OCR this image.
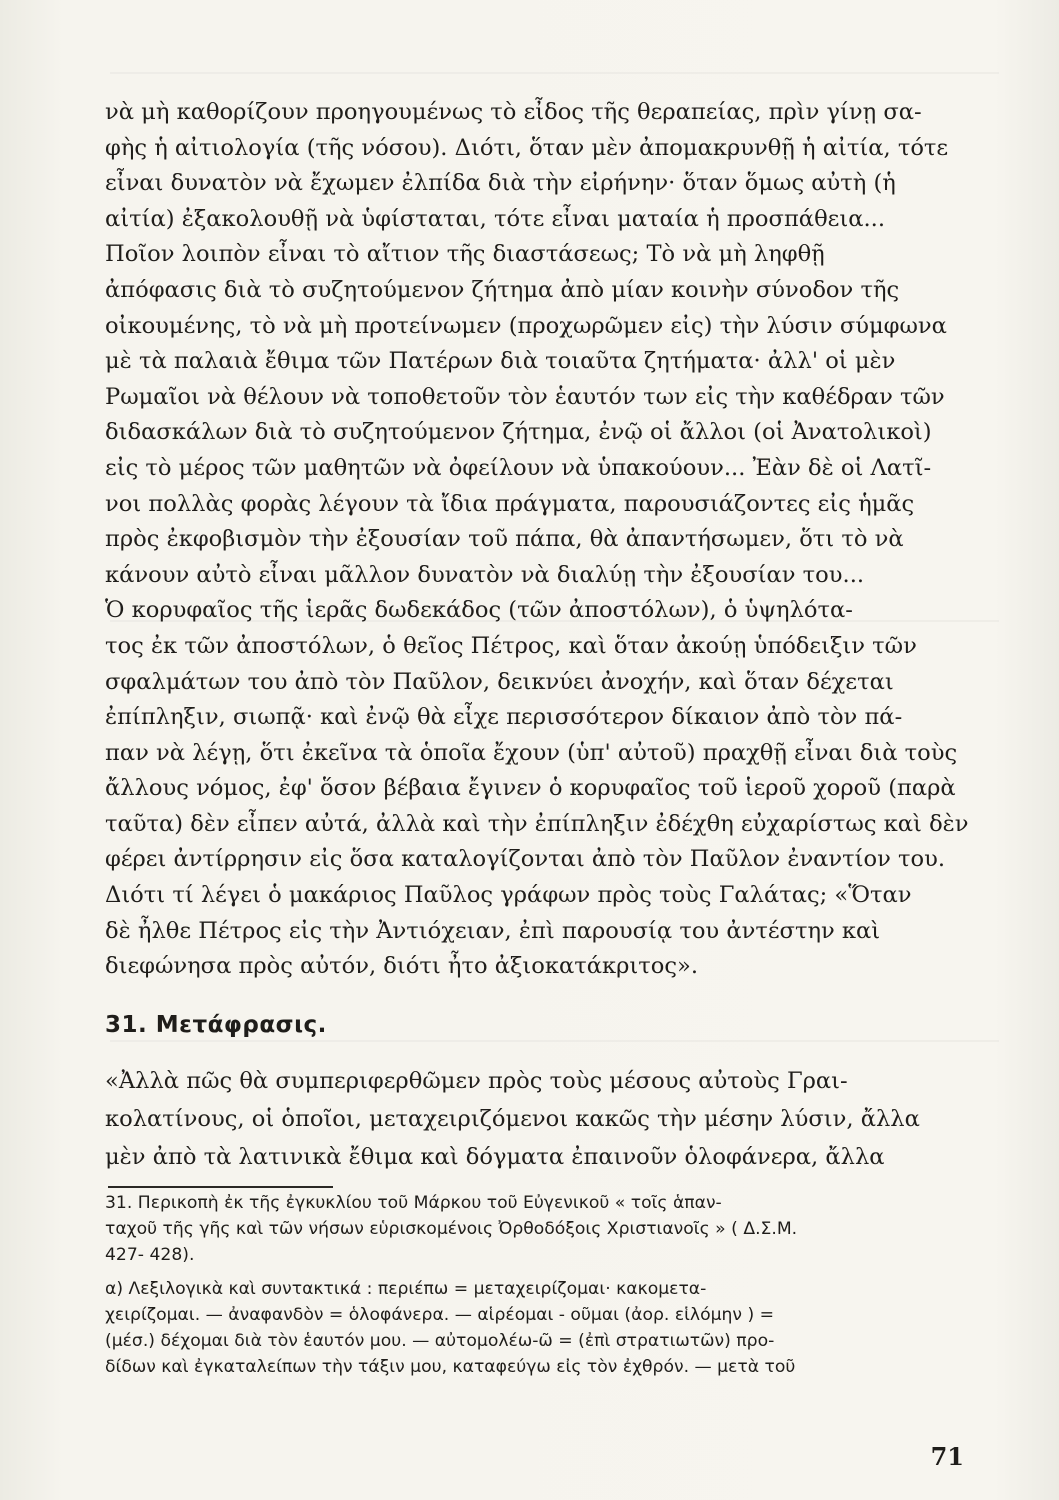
νὰ μὴ καθορίζουν προηγουμένως τὸ εἶδος τῆς θεραπείας, πρὶν γίνῃ σα-
φὴς ἡ αἰτιολογία (τῆς νόσου). Διότι, ὅταν μὲν ἀπομακρυνθῇ ἡ αἰτία, τότε
εἶναι δυνατὸν νὰ ἔχωμεν ἐλπίδα διὰ τὴν εἰρήνην· ὅταν ὅμως αὐτὴ (ἡ
αἰτία) ἐξακολουθῇ νὰ ὑφίσταται, τότε εἶναι ματαία ἡ προσπάθεια...
Ποῖον λοιπὸν εἶναι τὸ αἴτιον τῆς διαστάσεως; Τὸ νὰ μὴ ληφθῇ
ἀπόφασις διὰ τὸ συζητούμενον ζήτημα ἀπὸ μίαν κοινὴν σύνοδον τῆς
οἰκουμένης, τὸ νὰ μὴ προτείνωμεν (προχωρῶμεν εἰς) τὴν λύσιν σύμφωνα
μὲ τὰ παλαιὰ ἔθιμα τῶν Πατέρων διὰ τοιαῦτα ζητήματα· ἀλλ' οἱ μὲν
Ρωμαῖοι νὰ θέλουν νὰ τοποθετοῦν τὸν ἑαυτόν των εἰς τὴν καθέδραν τῶν
διδασκάλων διὰ τὸ συζητούμενον ζήτημα, ἐνῷ οἱ ἄλλοι (οἱ Ἀνατολικοὶ)
εἰς τὸ μέρος τῶν μαθητῶν νὰ ὀφείλουν νὰ ὑπακούουν... Ἐὰν δὲ οἱ Λατῖ-
νοι πολλὰς φορὰς λέγουν τὰ ἴδια πράγματα, παρουσιάζοντες εἰς ἡμᾶς
πρὸς ἐκφοβισμὸν τὴν ἐξουσίαν τοῦ πάπα, θὰ ἀπαντήσωμεν, ὅτι τὸ νὰ
κάνουν αὐτὸ εἶναι μᾶλλον δυνατὸν νὰ διαλύῃ τὴν ἐξουσίαν του...
Ὁ κορυφαῖος τῆς ἱερᾶς δωδεκάδος (τῶν ἀποστόλων), ὁ ὑψηλότα-
τος ἐκ τῶν ἀποστόλων, ὁ θεῖος Πέτρος, καὶ ὅταν ἀκούῃ ὑπόδειξιν τῶν
σφαλμάτων του ἀπὸ τὸν Παῦλον, δεικνύει ἀνοχήν, καὶ ὅταν δέχεται
ἐπίπληξιν, σιωπᾷ· καὶ ἐνῷ θὰ εἶχε περισσότερον δίκαιον ἀπὸ τὸν πά-
παν νὰ λέγῃ, ὅτι ἐκεῖνα τὰ ὁποῖα ἔχουν (ὑπ' αὐτοῦ) πραχθῇ εἶναι διὰ τοὺς
ἄλλους νόμος, ἐφ' ὅσον βέβαια ἔγινεν ὁ κορυφαῖος τοῦ ἱεροῦ χοροῦ (παρὰ
ταῦτα) δὲν εἶπεν αὐτά, ἀλλὰ καὶ τὴν ἐπίπληξιν ἐδέχθη εὐχαρίστως καὶ δὲν
φέρει ἀντίρρησιν εἰς ὅσα καταλογίζονται ἀπὸ τὸν Παῦλον ἐναντίον του.
Διότι τί λέγει ὁ μακάριος Παῦλος γράφων πρὸς τοὺς Γαλάτας; «Ὅταν
δὲ ἦλθε Πέτρος εἰς τὴν Ἀντιόχειαν, ἐπὶ παρουσίᾳ του ἀντέστην καὶ
διεφώνησα πρὸς αὐτόν, διότι ἦτο ἀξιοκατάκριτος».
31. Μετάφρασις.
«Ἀλλὰ πῶς θὰ συμπεριφερθῶμεν πρὸς τοὺς μέσους αὐτοὺς Γραι-
κολατίνους, οἱ ὁποῖοι, μεταχειριζόμενοι κακῶς τὴν μέσην λύσιν, ἄλλα
μὲν ἀπὸ τὰ λατινικὰ ἔθιμα καὶ δόγματα ἐπαινοῦν ὁλοφάνερα, ἄλλα
31. Περικοπὴ ἐκ τῆς ἐγκυκλίου τοῦ Μάρκου τοῦ Εὐγενικοῦ « τοῖς ἁπαν-
ταχοῦ τῆς γῆς καὶ τῶν νήσων εὑρισκομένοις Ὀρθοδόξοις Χριστιανοῖς » ( Δ.Σ.Μ.
427- 428).
α) Λεξιλογικὰ καὶ συντακτικά : περιέπω = μεταχειρίζομαι· κακομετα-
χειρίζομαι. — ἀναφανδὸν = ὁλοφάνερα. — αἱρέομαι - οῦμαι (ἀορ. εἱλόμην ) =
(μέσ.) δέχομαι διὰ τὸν ἑαυτόν μου. — αὐτομολέω-ῶ = (ἐπὶ στρατιωτῶν) προ-
δίδων καὶ ἐγκαταλείπων τὴν τάξιν μου, καταφεύγω εἰς τὸν ἐχθρόν. — μετὰ τοῦ
71
